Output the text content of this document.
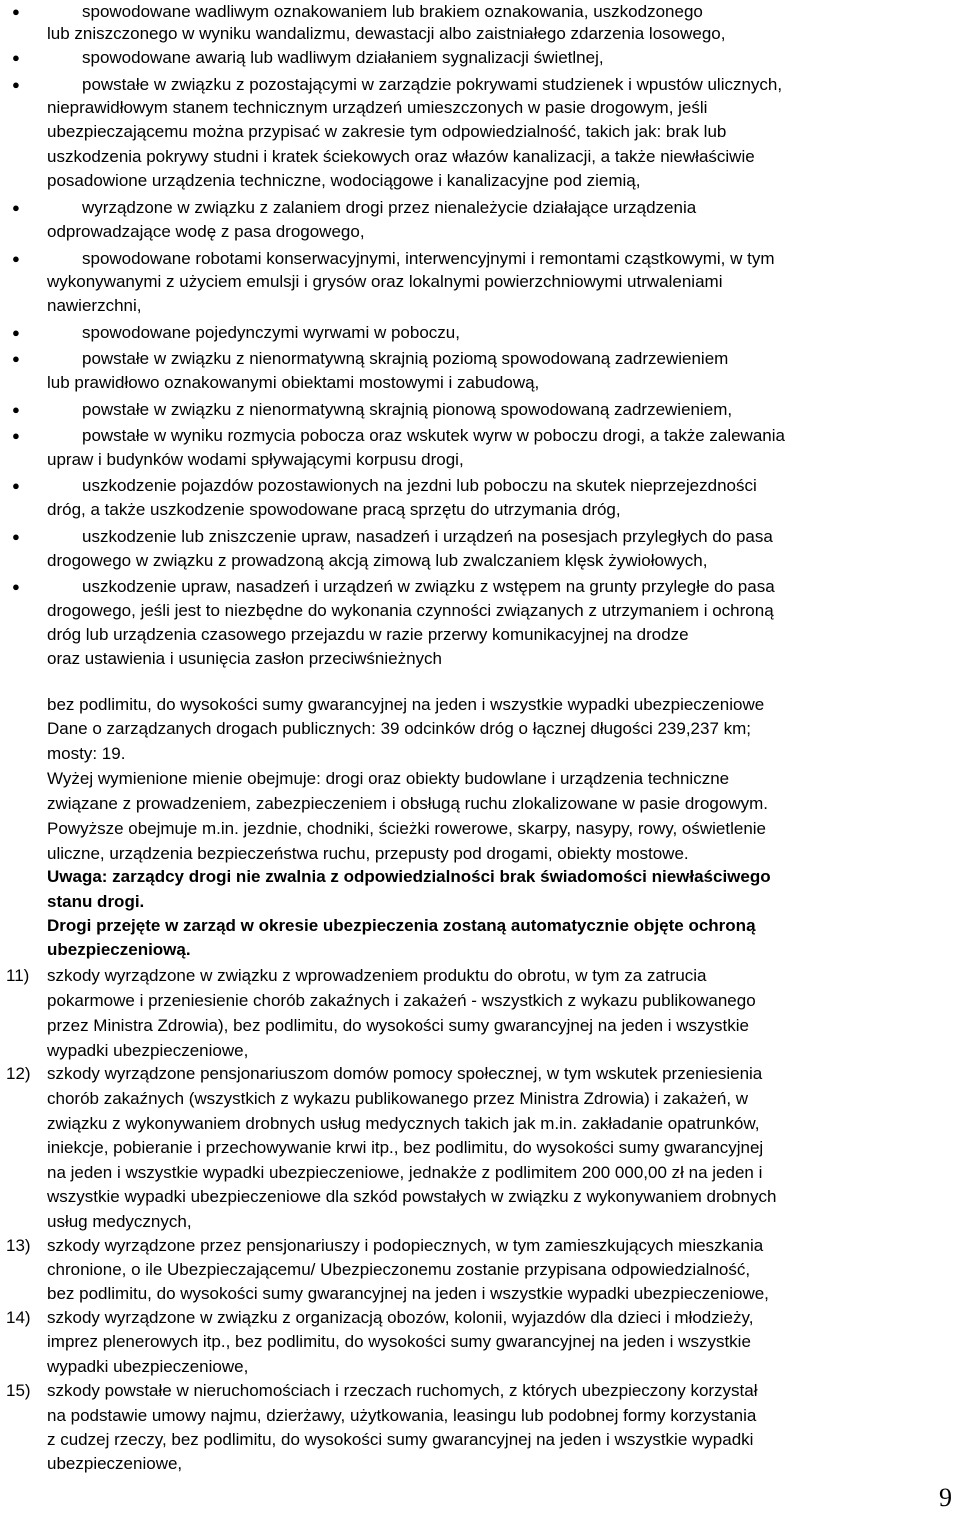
●	spowodowane wadliwym oznakowaniem lub brakiem oznakowania, uszkodzonego
lub zniszczonego w wyniku wandalizmu, dewastacji albo zaistniałego zdarzenia losowego,
●	spowodowane awarią lub wadliwym działaniem sygnalizacji świetlnej,
●	powstałe w związku z pozostającymi w zarządzie pokrywami studzienek i wpustów ulicznych,
nieprawidłowym stanem technicznym urządzeń umieszczonych w pasie drogowym, jeśli
ubezpieczającemu można przypisać w zakresie tym odpowiedzialność, takich jak: brak lub
uszkodzenia pokrywy studni i kratek ściekowych oraz włazów kanalizacji, a także niewłaściwie
posadowione urządzenia techniczne, wodociągowe i kanalizacyjne pod ziemią,
●	wyrządzone w związku z zalaniem drogi przez nienależycie działające urządzenia
odprowadzające wodę z pasa drogowego,
●	spowodowane robotami konserwacyjnymi, interwencyjnymi i remontami cząstkowymi, w tym
wykonywanymi z użyciem emulsji i grysów oraz lokalnymi powierzchniowymi utrwaleniami
nawierzchni,
●	spowodowane pojedynczymi wyrwami w poboczu,
●	powstałe w związku z nienormatywną skrajnią poziomą spowodowaną zadrzewieniem
lub prawidłowo oznakowanymi obiektami mostowymi i zabudową,
●	powstałe w związku z nienormatywną skrajnią pionową spowodowaną zadrzewieniem,
●	powstałe w wyniku rozmycia pobocza oraz wskutek wyrw w poboczu drogi, a także zalewania
upraw i budynków wodami spływającymi korpusu drogi,
●	uszkodzenie pojazdów pozostawionych na jezdni lub poboczu na skutek nieprzejezdności
dróg, a także uszkodzenie spowodowane pracą sprzętu do utrzymania dróg,
●	uszkodzenie lub zniszczenie upraw, nasadzeń i urządzeń na posesjach przyległych do pasa
drogowego w związku z prowadzoną akcją zimową lub zwalczaniem klęsk żywiołowych,
●	uszkodzenie upraw, nasadzeń i urządzeń w związku z wstępem na grunty przyległe do pasa
drogowego, jeśli jest to niezbędne do wykonania czynności związanych z utrzymaniem i ochroną
dróg lub urządzenia czasowego przejazdu w razie przerwy komunikacyjnej na drodze
oraz ustawienia i usunięcia zasłon przeciwśnieżnych
bez podlimitu, do wysokości sumy gwarancyjnej na jeden i wszystkie wypadki ubezpieczeniowe
Dane o zarządzanych drogach publicznych: 39 odcinków dróg o łącznej długości 239,237 km;
mosty: 19.
Wyżej wymienione mienie obejmuje: drogi oraz obiekty budowlane i urządzenia techniczne
związane z prowadzeniem, zabezpieczeniem i obsługą ruchu zlokalizowane w pasie drogowym.
Powyższe obejmuje m.in. jezdnie, chodniki, ścieżki rowerowe, skarpy, nasypy, rowy, oświetlenie
uliczne, urządzenia bezpieczeństwa ruchu, przepusty pod drogami, obiekty mostowe.
Uwaga: zarządcy drogi nie zwalnia z odpowiedzialności brak świadomości niewłaściwego
stanu drogi.
Drogi przejęte w zarząd w okresie ubezpieczenia zostaną automatycznie objęte ochroną
ubezpieczeniową.
11) szkody wyrządzone w związku z wprowadzeniem produktu do obrotu, w tym za zatrucia
pokarmowe i przeniesienie chorób zakaźnych i zakażeń - wszystkich z wykazu publikowanego
przez Ministra Zdrowia), bez podlimitu, do wysokości sumy gwarancyjnej na jeden i wszystkie
wypadki ubezpieczeniowe,
12) szkody wyrządzone pensjonariuszom domów pomocy społecznej, w tym wskutek przeniesienia
chorób zakaźnych (wszystkich z wykazu publikowanego przez Ministra Zdrowia) i zakażeń, w
związku z wykonywaniem drobnych usług medycznych takich jak m.in. zakładanie opatrunków,
iniekcje, pobieranie i przechowywanie krwi itp., bez podlimitu, do wysokości sumy gwarancyjnej
na jeden i wszystkie wypadki ubezpieczeniowe, jednakże z podlimitem 200 000,00 zł na jeden i
wszystkie wypadki ubezpieczeniowe dla szkód powstałych w związku z wykonywaniem drobnych
usług medycznych,
13) szkody wyrządzone przez pensjonariuszy i podopiecznych, w tym zamieszkujących mieszkania
chronione, o ile Ubezpieczającemu/ Ubezpieczonemu zostanie przypisana odpowiedzialność,
bez podlimitu, do wysokości sumy gwarancyjnej na jeden i wszystkie wypadki ubezpieczeniowe,
14) szkody wyrządzone w związku z organizacją obozów, kolonii, wyjazdów dla dzieci i młodzieży,
imprez plenerowych itp., bez podlimitu, do wysokości sumy gwarancyjnej na jeden i wszystkie
wypadki ubezpieczeniowe,
15) szkody powstałe w nieruchomościach i rzeczach ruchomych, z których ubezpieczony korzystał
na podstawie umowy najmu, dzierżawy, użytkowania, leasingu lub podobnej formy korzystania
z cudzej rzeczy, bez podlimitu, do wysokości sumy gwarancyjnej na jeden i wszystkie wypadki
ubezpieczeniowe,
9
